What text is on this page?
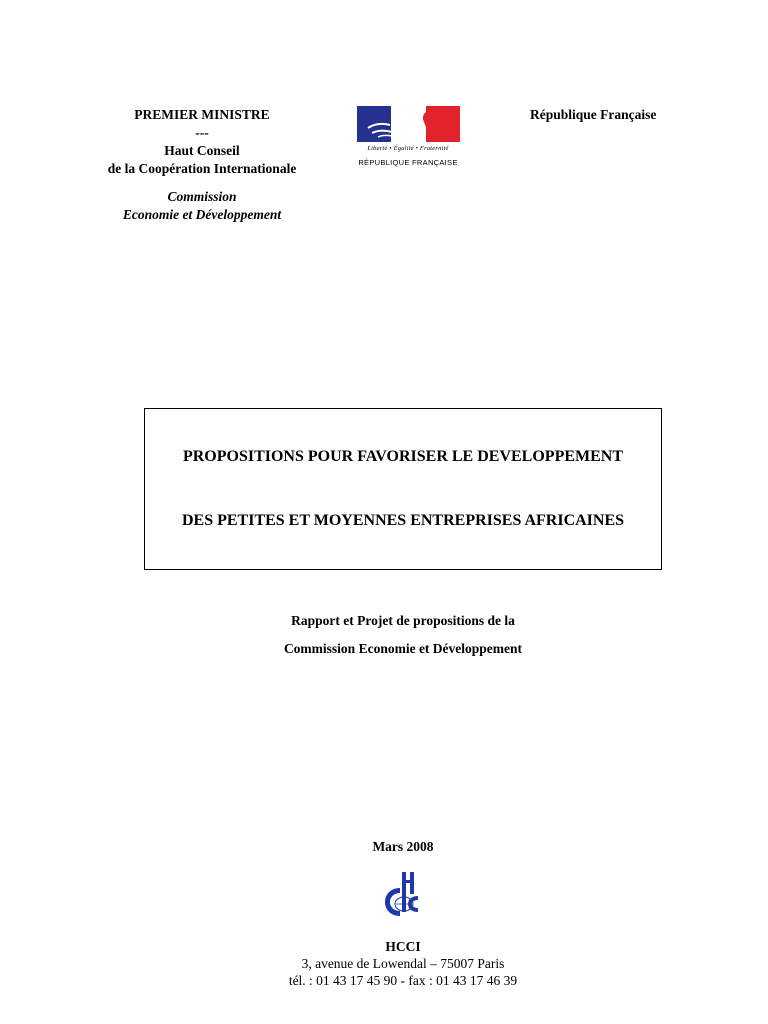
PREMIER MINISTRE
---
Haut Conseil
de la Coopération Internationale
Commission
Economie et Développement
Liberté • Égalité • Fraternité
RÉPUBLIQUE FRANÇAISE
République Française
PROPOSITIONS POUR FAVORISER LE DEVELOPPEMENT
DES PETITES ET MOYENNES ENTREPRISES AFRICAINES
Rapport et Projet de propositions de la
Commission Economie et Développement
Mars 2008
HCCI
3, avenue de Lowendal – 75007 Paris
tél. : 01 43 17 45 90 - fax : 01 43 17 46 39
